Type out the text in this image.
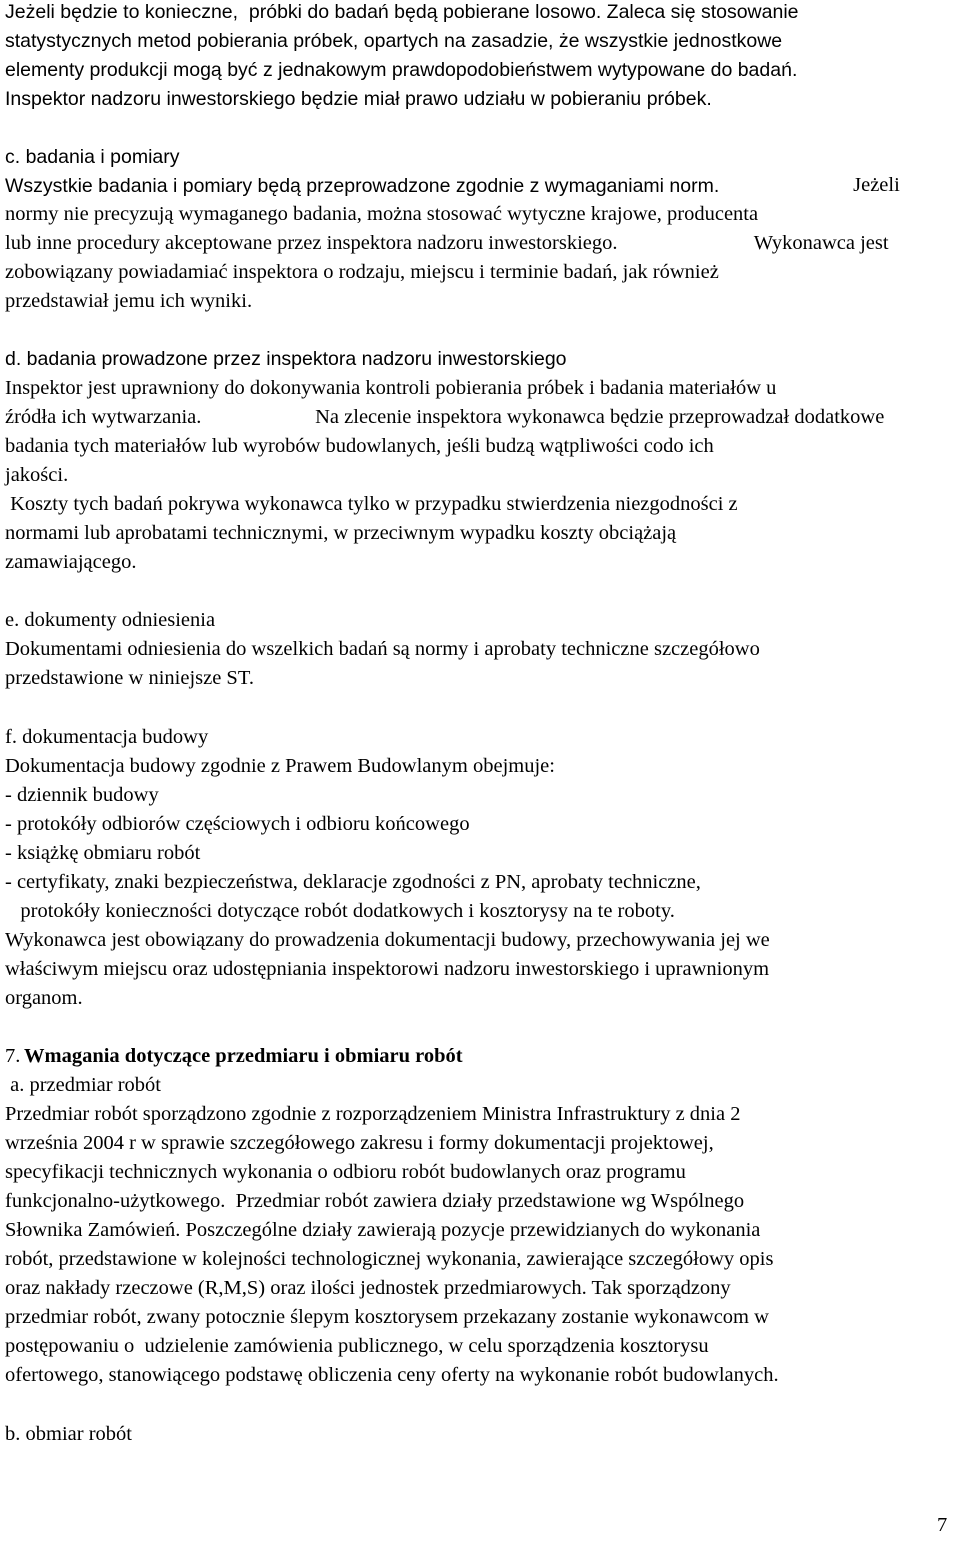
Jeżeli będzie to konieczne,  próbki do badań będą pobierane losowo. Zaleca się stosowanie
statystycznych metod pobierania próbek, opartych na zasadzie, że wszystkie jednostkowe
elementy produkcji mogą być z jednakowym prawdopodobieństwem wytypowane do badań.
Inspektor nadzoru inwestorskiego będzie miał prawo udziału w pobieraniu próbek.
c. badania i pomiary
Wszystkie badania i pomiary będą przeprowadzone zgodnie z wymaganiami norm.	Jeżeli
normy nie precyzują wymaganego badania, można stosować wytyczne krajowe, producenta
lub inne procedury akceptowane przez inspektora nadzoru inwestorskiego.	Wykonawca jest
zobowiązany powiadamiać inspektora o rodzaju, miejscu i terminie badań, jak również
przedstawiał jemu ich wyniki.
d. badania prowadzone przez inspektora nadzoru inwestorskiego
Inspektor jest uprawniony do dokonywania kontroli pobierania próbek i badania materiałów u
źródła ich wytwarzania.	Na zlecenie inspektora wykonawca będzie przeprowadzał dodatkowe
badania tych materiałów lub wyrobów budowlanych, jeśli budzą wątpliwości codo ich
jakości.
Koszty tych badań pokrywa wykonawca tylko w przypadku stwierdzenia niezgodności z
normami lub aprobatami technicznymi, w przeciwnym wypadku koszty obciążają
zamawiającego.
e. dokumenty odniesienia
Dokumentami odniesienia do wszelkich badań są normy i aprobaty techniczne szczegółowo
przedstawione w niniejsze ST.
f. dokumentacja budowy
Dokumentacja budowy zgodnie z Prawem Budowlanym obejmuje:
- dziennik budowy
- protokóły odbiorów częściowych i odbioru końcowego
- książkę obmiaru robót
- certyfikaty, znaki bezpieczeństwa, deklaracje zgodności z PN, aprobaty techniczne,
protokóły konieczności dotyczące robót dodatkowych i kosztorysy na te roboty.
Wykonawca jest obowiązany do prowadzenia dokumentacji budowy, przechowywania jej we
właściwym miejscu oraz udostępniania inspektorowi nadzoru inwestorskiego i uprawnionym
organom.
7. Wmagania dotyczące przedmiaru i obmiaru robót
a. przedmiar robót
Przedmiar robót sporządzono zgodnie z rozporządzeniem Ministra Infrastruktury z dnia 2
września 2004 r w sprawie szczegółowego zakresu i formy dokumentacji projektowej,
specyfikacji technicznych wykonania o odbioru robót budowlanych oraz programu
funkcjonalno-użytkowego.  Przedmiar robót zawiera działy przedstawione wg Wspólnego
Słownika Zamówień. Poszczególne działy zawierają pozycje przewidzianych do wykonania
robót, przedstawione w kolejności technologicznej wykonania, zawierające szczegółowy opis
oraz nakłady rzeczowe (R,M,S) oraz ilości jednostek przedmiarowych. Tak sporządzony
przedmiar robót, zwany potocznie ślepym kosztorysem przekazany zostanie wykonawcom w
postępowaniu o  udzielenie zamówienia publicznego, w celu sporządzenia kosztorysu
ofertowego, stanowiącego podstawę obliczenia ceny oferty na wykonanie robót budowlanych.
b. obmiar robót
7
